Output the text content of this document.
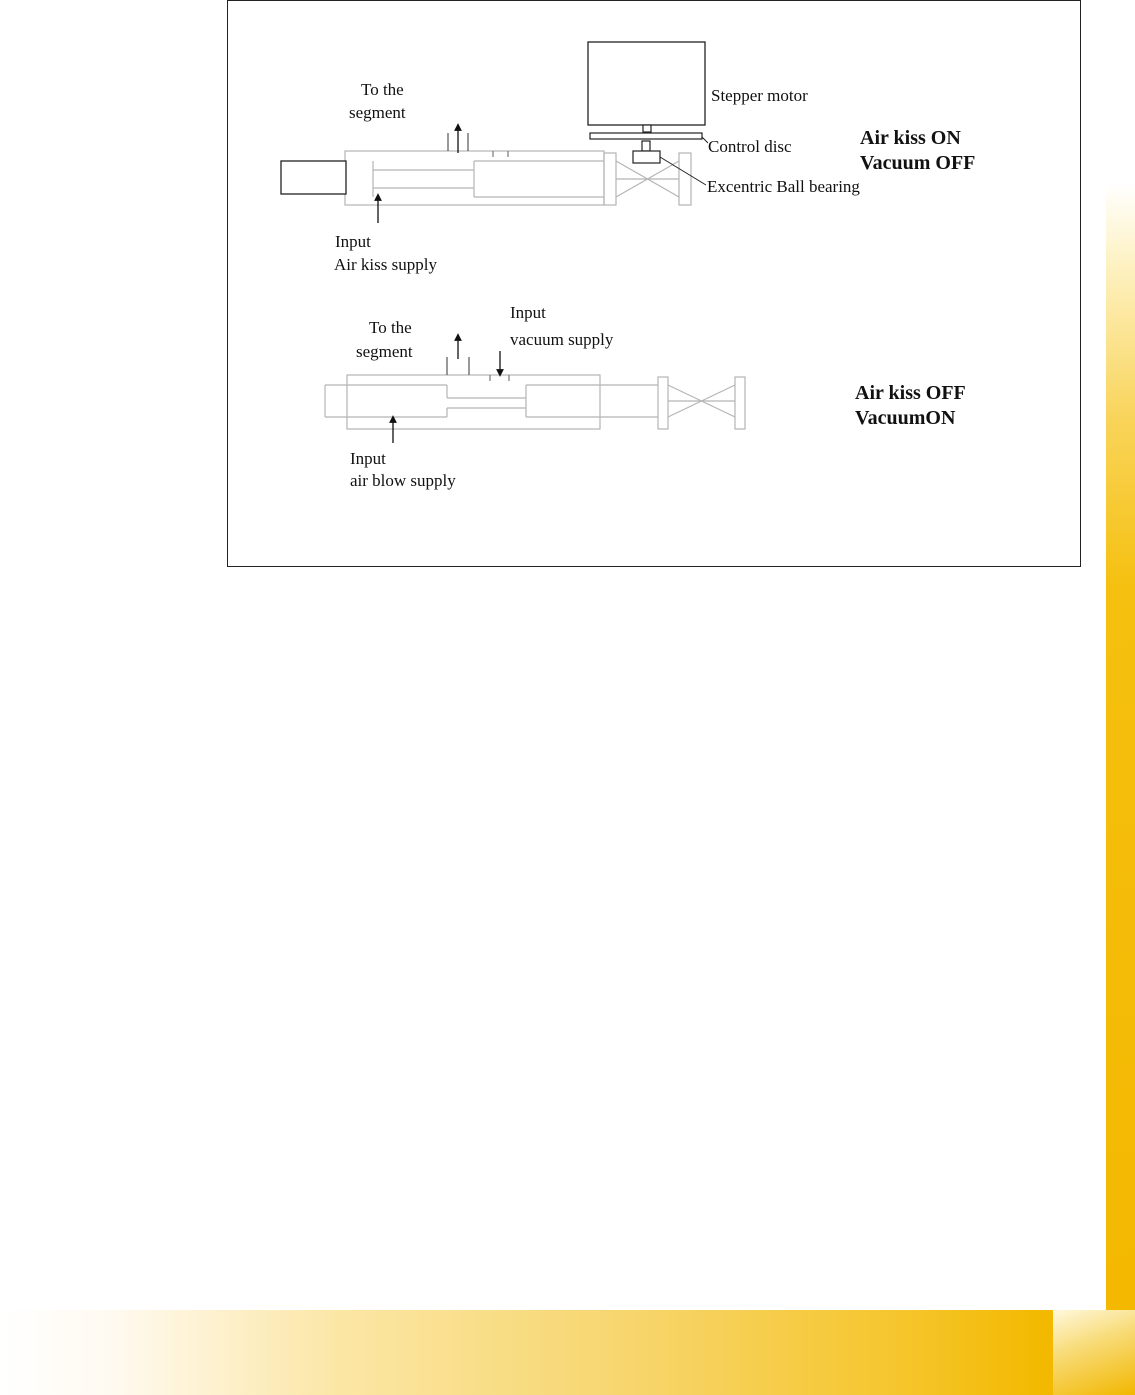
To the
segment
Stepper motor
Control disc
Excentric Ball bearing
Input
Air kiss supply
Air kiss ON
Vacuum OFF
To the
segment
Input
vacuum supply
Input
air blow supply
Air kiss OFF
VacuumON
